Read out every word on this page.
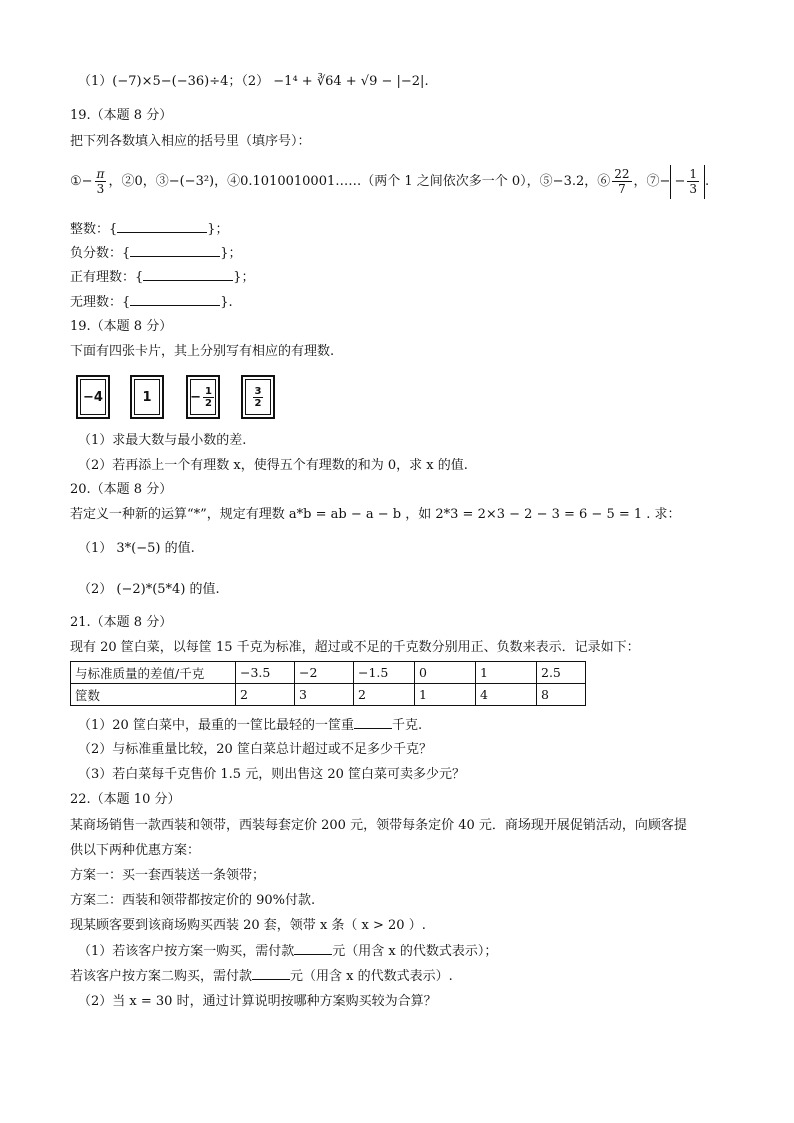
（1）(−7)×5−(−36)÷4；（2） −1⁴ + ∛64 + √9 − |−2|.
19.（本题 8 分）
把下列各数填入相应的括号里（填序号）：
①− $\frac{\pi}{3}$ ，②0，③−(−3²)，④0.1010010001……（两个 1 之间依次多一个 0），⑤−3.2，⑥ $\frac{22}{7}$ ，⑦− − $\frac{1}{3}$ .
整数：{	}；
负分数：{	}；
正有理数：{	}；
无理数：{	}.
19.（本题 8 分）
下面有四张卡片，其上分别写有相应的有理数.
−4	1	− $\frac{1}{2}$	$\frac{3}{2}$
（1）求最大数与最小数的差.
（2）若再添上一个有理数 x，使得五个有理数的和为 0，求 x 的值.
20.（本题 8 分）
若定义一种新的运算“*”，规定有理数 a*b = ab − a − b ，如 2*3 = 2×3 − 2 − 3 = 6 − 5 = 1 . 求：
（1） 3*(−5) 的值.
（2） (−2)*(5*4) 的值.
21.（本题 8 分）
现有 20 筐白菜，以每筐 15 千克为标准，超过或不足的千克数分别用正、负数来表示．记录如下：
与标准质量的差值/千克	−3.5	−2	−1.5	0	1	2.5
筐数	2	3	2	1	4	8
（1）20 筐白菜中，最重的一筐比最轻的一筐重	千克.
（2）与标准重量比较，20 筐白菜总计超过或不足多少千克？
（3）若白菜每千克售价 1.5 元，则出售这 20 筐白菜可卖多少元？
22.（本题 10 分）
某商场销售一款西装和领带，西装每套定价 200 元，领带每条定价 40 元．商场现开展促销活动，向顾客提
供以下两种优惠方案：
方案一：买一套西装送一条领带；
方案二：西装和领带都按定价的 90%付款.
现某顾客要到该商场购买西装 20 套，领带 x 条（ x > 20 ）.
（1）若该客户按方案一购买，需付款	元（用含 x 的代数式表示）；
若该客户按方案二购买，需付款	元（用含 x 的代数式表示）.
（2）当 x = 30 时，通过计算说明按哪种方案购买较为合算？
